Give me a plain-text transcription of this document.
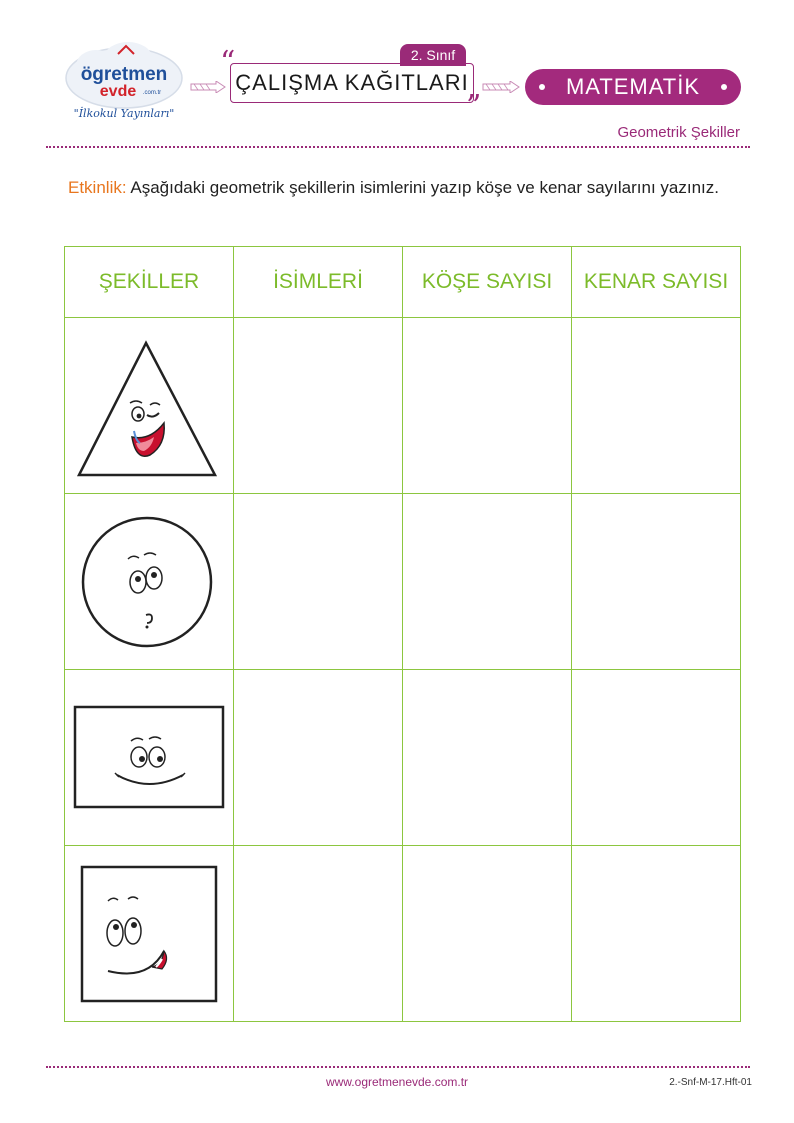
ögretmen
evde .com.tr
"İlkokul Yayınları"
2. Sınıf
“
”
ÇALIŞMA KAĞITLARI	MATEMATİK
Geometrik Şekiller
Etkinlik: Aşağıdaki geometrik şekillerin isimlerini yazıp köşe ve kenar sayılarını yazınız.
ŞEKİLLER	İSİMLERİ	KÖŞE SAYISI	KENAR SAYISI

www.ogretmenevde.com.tr	2.-Snf-M-17.Hft-01
